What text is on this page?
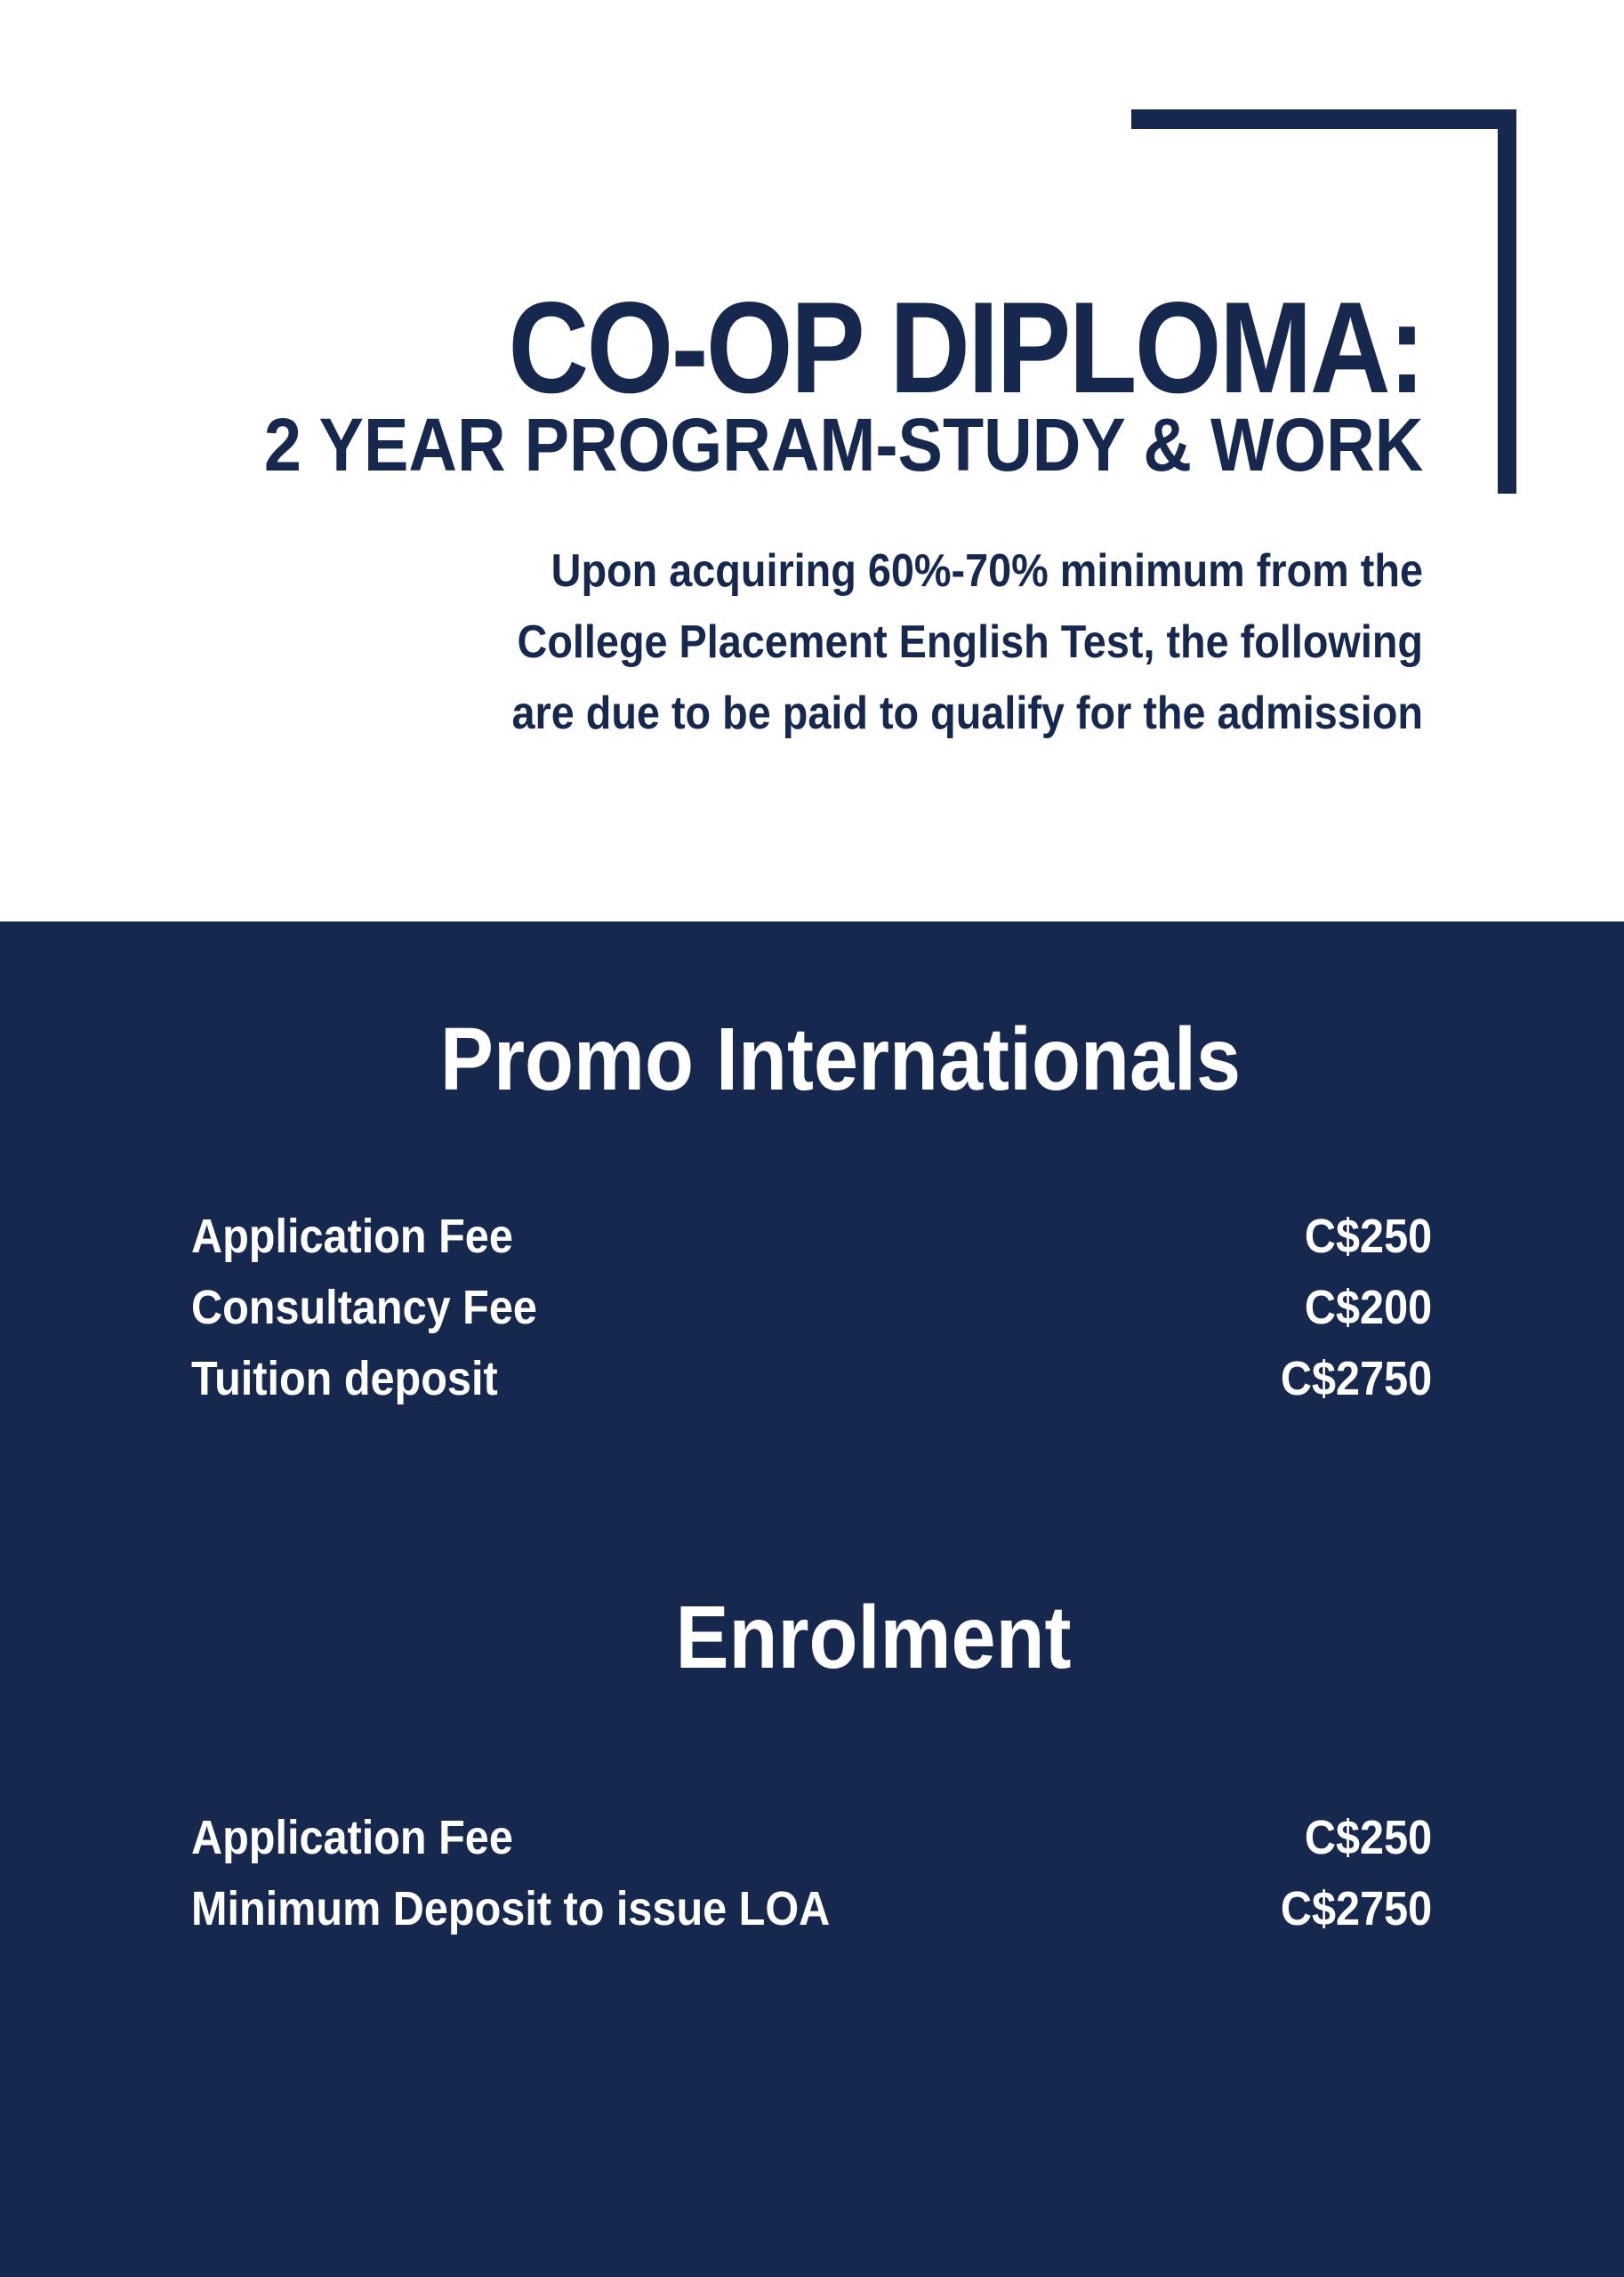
CO-OP DIPLOMA:
2 YEAR PROGRAM-STUDY & WORK

Upon acquiring 60%-70% minimum from the
College Placement English Test, the following
are due to be paid to qualify for the admission

Promo Internationals
Application Fee	C$250
Consultancy Fee	C$200
Tuition deposit	C$2750
Enrolment
Application Fee	C$250
Minimum Deposit to issue LOA	C$2750
